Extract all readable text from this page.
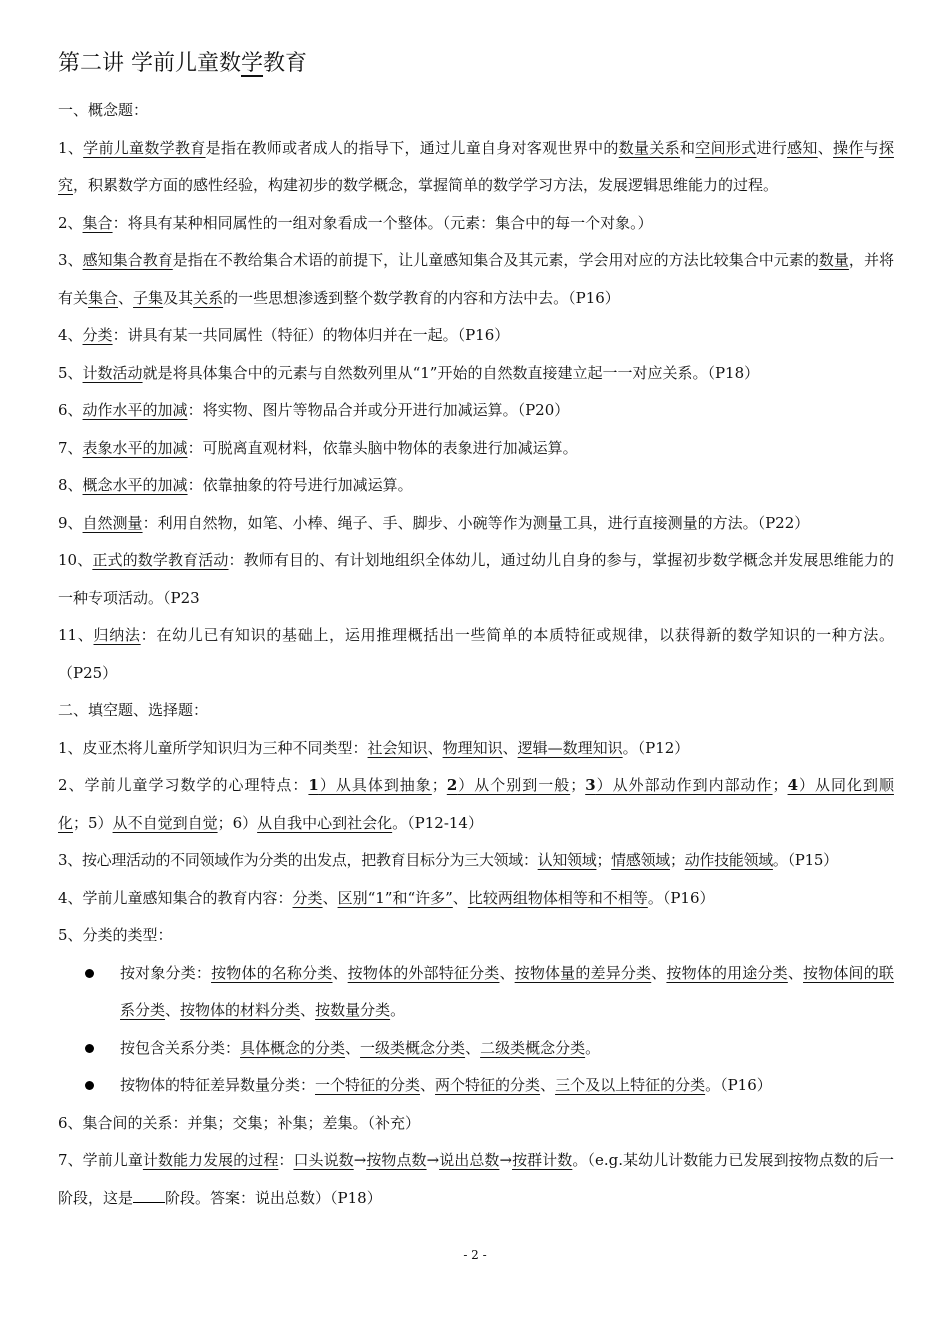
第二讲 学前儿童数学教育

一、概念题：

1、学前儿童数学教育是指在教师或者成人的指导下，通过儿童自身对客观世界中的数量关系和空间形式进行感知、操作与探究，积累数学方面的感性经验，构建初步的数学概念，掌握简单的数学学习方法，发展逻辑思维能力的过程。

2、集合：将具有某种相同属性的一组对象看成一个整体。（元素：集合中的每一个对象。）

3、感知集合教育是指在不教给集合术语的前提下，让儿童感知集合及其元素，学会用对应的方法比较集合中元素的数量，并将有关集合、子集及其关系的一些思想渗透到整个数学教育的内容和方法中去。（P16）

4、分类：讲具有某一共同属性（特征）的物体归并在一起。（P16）

5、计数活动就是将具体集合中的元素与自然数列里从“1”开始的自然数直接建立起一一对应关系。（P18）

6、动作水平的加减：将实物、图片等物品合并或分开进行加减运算。（P20）

7、表象水平的加减：可脱离直观材料，依靠头脑中物体的表象进行加减运算。

8、概念水平的加减：依靠抽象的符号进行加减运算。

9、自然测量：利用自然物，如笔、小棒、绳子、手、脚步、小碗等作为测量工具，进行直接测量的方法。（P22）

10、正式的数学教育活动：教师有目的、有计划地组织全体幼儿，通过幼儿自身的参与，掌握初步数学概念并发展思维能力的一种专项活动。（P23

11、归纳法：在幼儿已有知识的基础上，运用推理概括出一些简单的本质特征或规律，以获得新的数学知识的一种方法。（P25）

二、填空题、选择题：

1、皮亚杰将儿童所学知识归为三种不同类型：社会知识、物理知识、逻辑—数理知识。（P12）

2、学前儿童学习数学的心理特点：1）从具体到抽象；2）从个别到一般；3）从外部动作到内部动作；4）从同化到顺化；5）从不自觉到自觉；6）从自我中心到社会化。（P12-14）

3、按心理活动的不同领域作为分类的出发点，把教育目标分为三大领域：认知领域；情感领域；动作技能领域。（P15）

4、学前儿童感知集合的教育内容：分类、区别“1”和“许多”、比较两组物体相等和不相等。（P16）

5、分类的类型：

按对象分类：按物体的名称分类、按物体的外部特征分类、按物体量的差异分类、按物体的用途分类、按物体间的联系分类、按物体的材料分类、按数量分类。
按包含关系分类：具体概念的分类、一级类概念分类、二级类概念分类。
按物体的特征差异数量分类：一个特征的分类、两个特征的分类、三个及以上特征的分类。（P16）

6、集合间的关系：并集；交集；补集；差集。（补充）

7、学前儿童计数能力发展的过程：口头说数→按物点数→说出总数→按群计数。（e.g.某幼儿计数能力已发展到按物点数的后一阶段，这是 阶段。答案：说出总数）（P18）

- 2 -
